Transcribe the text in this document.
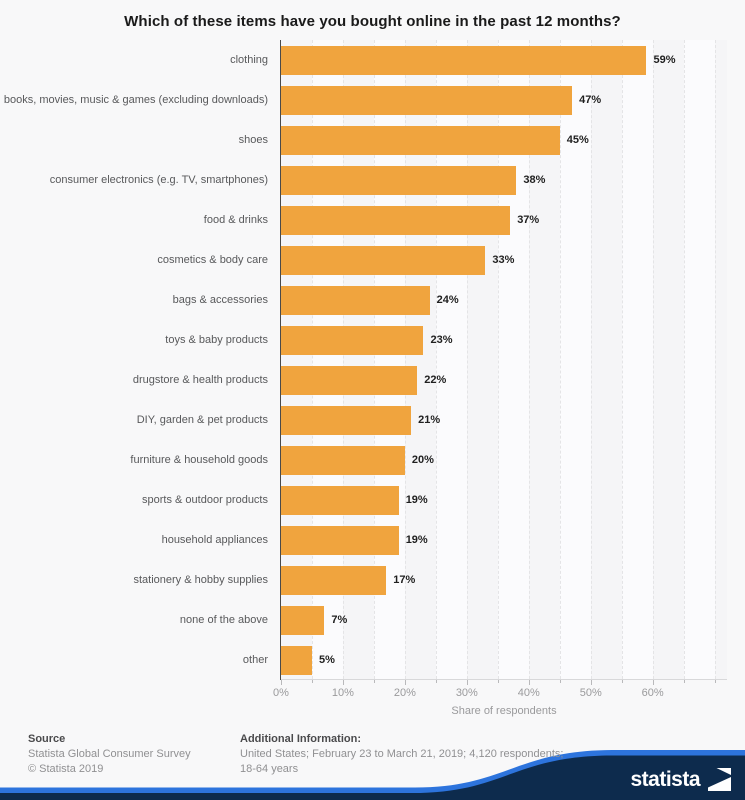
Which of these items have you bought online in the past 12 months?
clothing	59%
books, movies, music & games (excluding downloads)	47%
shoes	45%
consumer electronics (e.g. TV, smartphones)	38%
food & drinks	37%
cosmetics & body care	33%
bags & accessories	24%
toys & baby products	23%
drugstore & health products	22%
DIY, garden & pet products	21%
furniture & household goods	20%
sports & outdoor products	19%
household appliances	19%
stationery & hobby supplies	17%
none of the above	7%
other	5%
0%	10%	20%	30%	40%	50%	60%
Share of respondents
Source
Statista Global Consumer Survey
© Statista 2019
Additional Information:
United States; February 23 to March 21, 2019; 4,120 respondents;
18-64 years	statista
